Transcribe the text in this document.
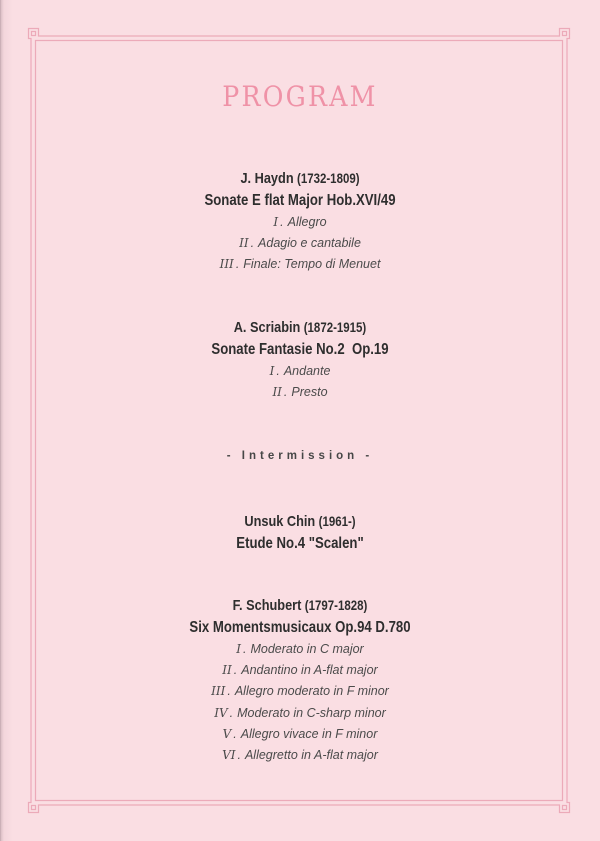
PROGRAM
J. Haydn (1732-1809)
Sonate E flat Major Hob.XVI/49
I . Allegro
II . Adagio e cantabile
III . Finale: Tempo di Menuet
A. Scriabin (1872-1915)
Sonate Fantasie No.2  Op.19
I . Andante
II . Presto
- Intermission -
Unsuk Chin (1961-)
Etude No.4 "Scalen"
F. Schubert (1797-1828)
Six Momentsmusicaux Op.94 D.780
I . Moderato in C major
II . Andantino in A-flat major
III . Allegro moderato in F minor
IV . Moderato in C-sharp minor
V . Allegro vivace in F minor
VI . Allegretto in A-flat major
